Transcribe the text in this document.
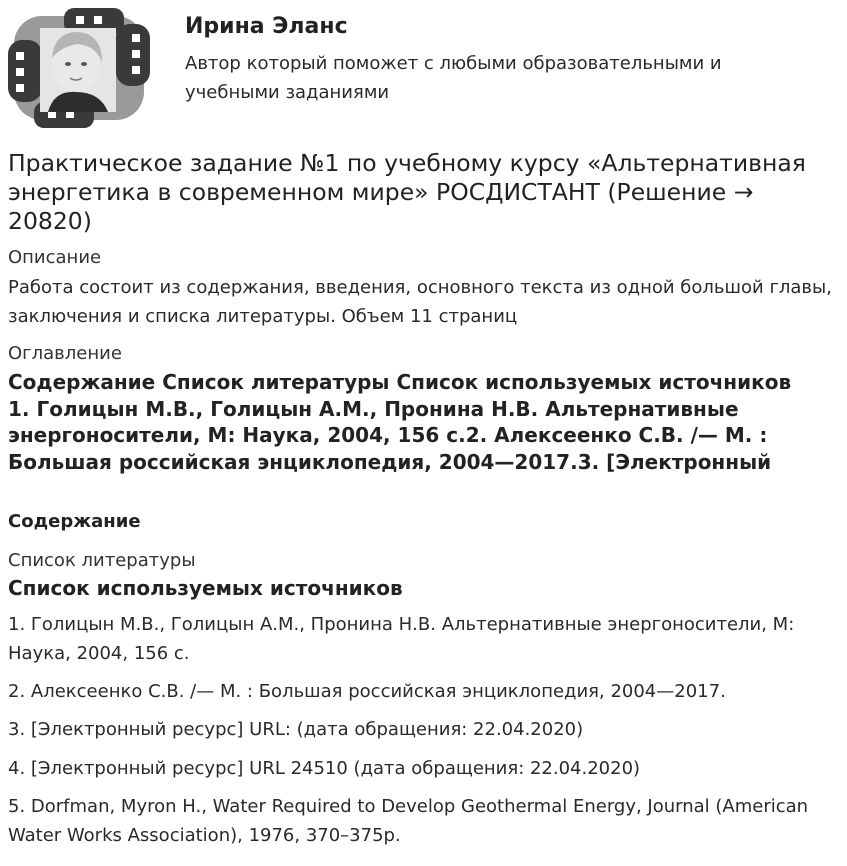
Ирина Эланс
Автор который поможет с любыми образовательными и учебными заданиями
Практическое задание №1 по учебному курсу «Альтернативная энергетика в современном мире» РОСДИСТАНТ (Решение → 20820)
Описание
Работа состоит из содержания, введения, основного текста из одной большой главы, заключения и списка литературы. Объем 11 страниц
Оглавление
Содержание Список литературы Список используемых источников 1. Голицын М.В., Голицын А.М., Пронина Н.В. Альтернативные энергоносители, М: Наука, 2004, 156 с.2. Алексеенко С.В. /— М. : Большая российская энциклопедия, 2004—2017.3. [Электронный
Содержание
Список литературы
Список используемых источников
1. Голицын М.В., Голицын А.М., Пронина Н.В. Альтернативные энергоносители, М: Наука, 2004, 156 с.
2. Алексеенко С.В. /— М. : Большая российская энциклопедия, 2004—2017.
3. [Электронный ресурс] URL: (дата обращения: 22.04.2020)
4. [Электронный ресурс] URL 24510 (дата обращения: 22.04.2020)
5. Dorfman, Myron H., Water Required to Develop Geothermal Energy, Journal (American Water Works Association), 1976, 370–375p.
